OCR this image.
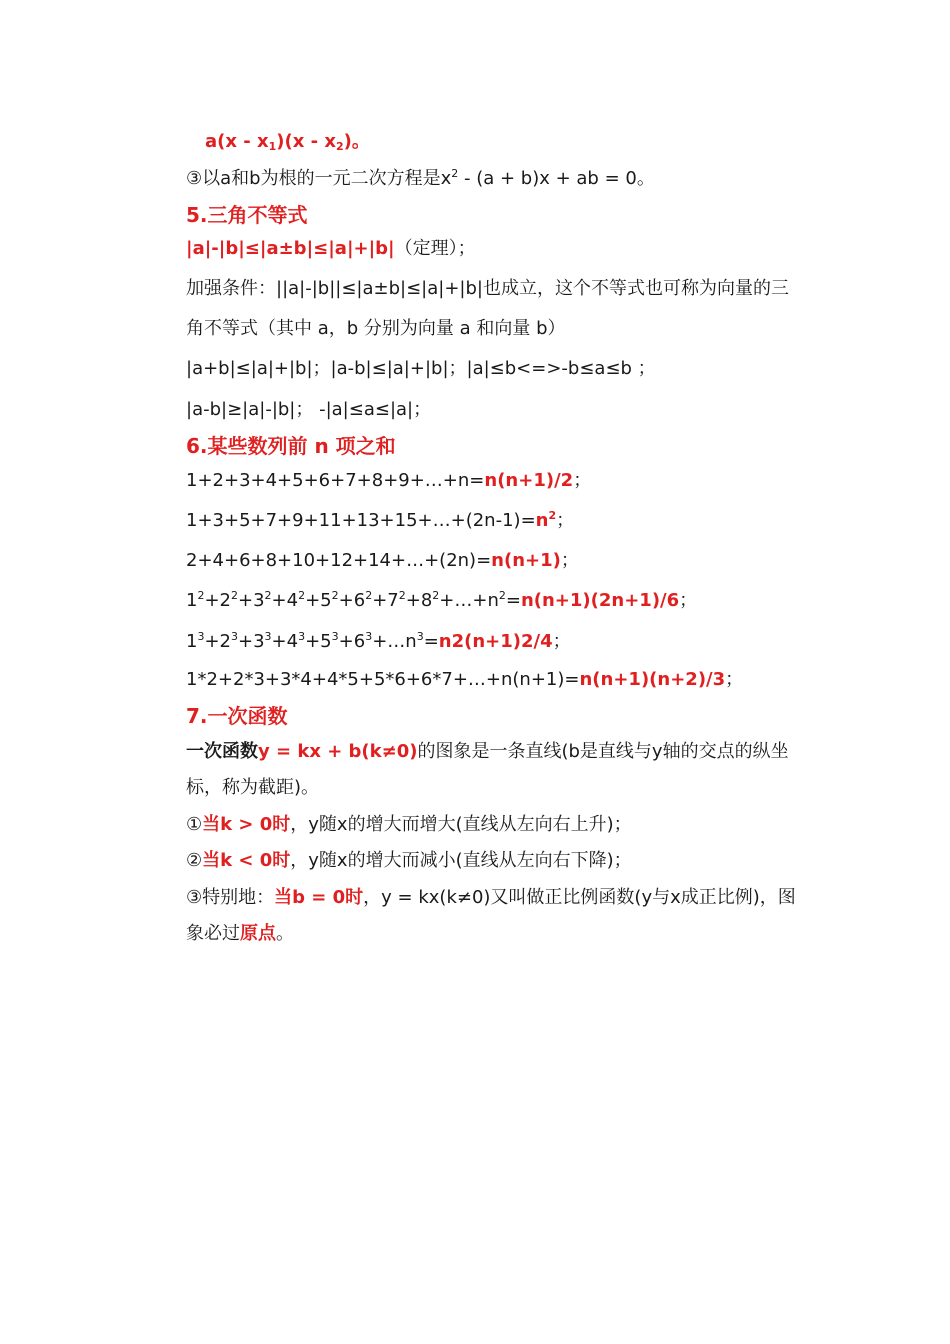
$a(x - x_1)(x - x_2)$。
③以a和b为根的一元二次方程是$x^2 - (a + b)x$ + ab = 0。
5.三角不等式
|a|-|b|≤|a±b|≤|a|+|b|（定理）；
加强条件：||a|-|b||≤|a±b|≤|a|+|b|也成立，这个不等式也可称为向量的三
角不等式（其中 a，b 分别为向量 a 和向量 b）
|a+b|≤|a|+|b|；|a-b|≤|a|+|b|；|a|≤b<=>-b≤a≤b ；
|a-b|≥|a|-|b|； -|a|≤a≤|a|；
6.某些数列前 n 项之和
1+2+3+4+5+6+7+8+9+…+n=n(n+1)/2；
$1+3+5+7+9+11+13+15+\dots+(2n-1)=n^2$；
2+4+6+8+10+12+14+…+(2n)=n(n+1)；
$1^2+2^2+3^2+4^2+5^2+6^2+7^2+8^2+\dots+n^2=n(n+1)(2n+1)/6$；
$1^3+2^3+3^3+4^3+5^3+6^3+\dots n^3=n2(n+1)2/4$；
1*2+2*3+3*4+4*5+5*6+6*7+…+n(n+1)=n(n+1)(n+2)/3；
7.一次函数
一次函数y = kx + b(k≠0)的图象是一条直线(b是直线与y轴的交点的纵坐
标，称为截距)。
①当k > 0时，y随x的增大而增大(直线从左向右上升)；
②当k < 0时，y随x的增大而减小(直线从左向右下降)；
③特别地：当b = 0时，y = kx(k≠0)又叫做正比例函数(y与x成正比例)，图
象必过原点。
